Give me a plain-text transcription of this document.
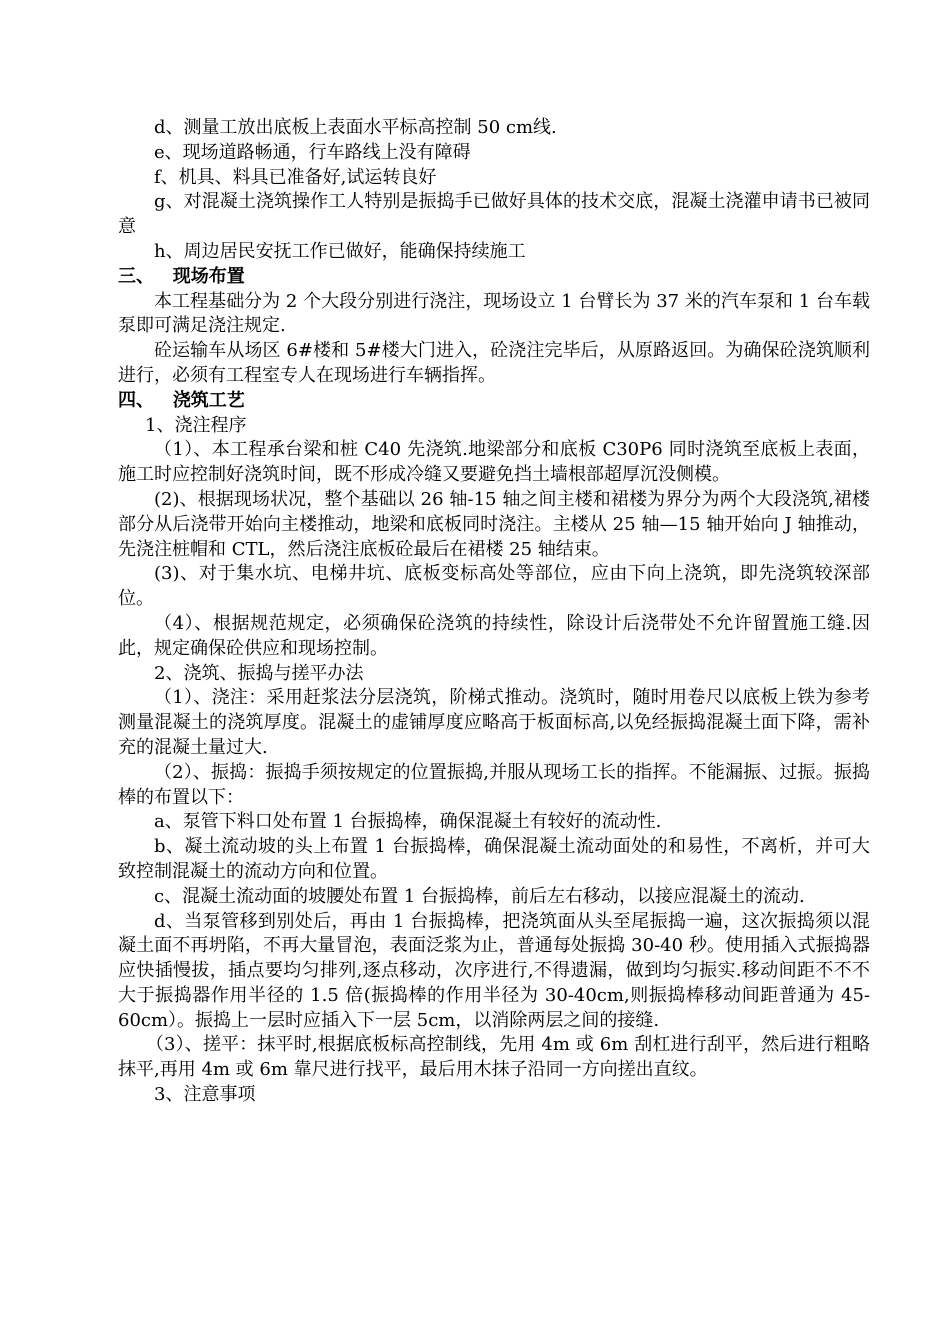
d、测量工放出底板上表面水平标高控制 50 cm线.

e、现场道路畅通，行车路线上没有障碍

f、机具、料具已准备好,试运转良好

g、对混凝土浇筑操作工人特别是振捣手已做好具体的技术交底，混凝土浇灌申请书已被同意

h、周边居民安抚工作已做好，能确保持续施工

三、   现场布置

本工程基础分为 2 个大段分别进行浇注，现场设立 1 台臂长为 37 米的汽车泵和 1 台车载泵即可满足浇注规定.

砼运输车从场区 6#楼和 5#楼大门进入，砼浇注完毕后，从原路返回。为确保砼浇筑顺利进行，必须有工程室专人在现场进行车辆指挥。

四、   浇筑工艺

1、浇注程序

（1）、本工程承台梁和桩 C40 先浇筑.地梁部分和底板 C30P6 同时浇筑至底板上表面，施工时应控制好浇筑时间，既不形成冷缝又要避免挡土墙根部超厚沉没侧模。

(2)、根据现场状况，整个基础以 26 轴-15 轴之间主楼和裙楼为界分为两个大段浇筑,裙楼部分从后浇带开始向主楼推动，地梁和底板同时浇注。主楼从 25 轴—15 轴开始向 J 轴推动，先浇注桩帽和 CTL，然后浇注底板砼最后在裙楼 25 轴结束。

(3)、对于集水坑、电梯井坑、底板变标高处等部位，应由下向上浇筑，即先浇筑较深部位。

（4）、根据规范规定，必须确保砼浇筑的持续性，除设计后浇带处不允许留置施工缝.因此，规定确保砼供应和现场控制。

2、浇筑、振捣与搓平办法

（1）、浇注：采用赶浆法分层浇筑，阶梯式推动。浇筑时，随时用卷尺以底板上铁为参考测量混凝土的浇筑厚度。混凝土的虚铺厚度应略高于板面标高,以免经振捣混凝土面下降，需补充的混凝土量过大.

（2）、振捣：振捣手须按规定的位置振捣,并服从现场工长的指挥。不能漏振、过振。振捣棒的布置以下：

a、泵管下料口处布置 1 台振捣棒，确保混凝土有较好的流动性.

b、凝土流动坡的头上布置 1 台振捣棒，确保混凝土流动面处的和易性，不离析，并可大致控制混凝土的流动方向和位置。

c、混凝土流动面的坡腰处布置 1 台振捣棒，前后左右移动，以接应混凝土的流动.

d、当泵管移到别处后，再由 1 台振捣棒，把浇筑面从头至尾振捣一遍，这次振捣须以混凝土面不再坍陷，不再大量冒泡，表面泛浆为止，普通每处振捣 30-40 秒。使用插入式振捣器应快插慢拔，插点要均匀排列,逐点移动，次序进行,不得遗漏，做到均匀振实.移动间距不不不大于振捣器作用半径的 1.5 倍(振捣棒的作用半径为 30-40cm,则振捣棒移动间距普通为 45-60cm）。振捣上一层时应插入下一层 5cm，以消除两层之间的接缝.

（3）、搓平：抹平时,根据底板标高控制线，先用 4m 或 6m 刮杠进行刮平，然后进行粗略抹平,再用 4m 或 6m 靠尺进行找平，最后用木抹子沿同一方向搓出直纹。

3、注意事项
